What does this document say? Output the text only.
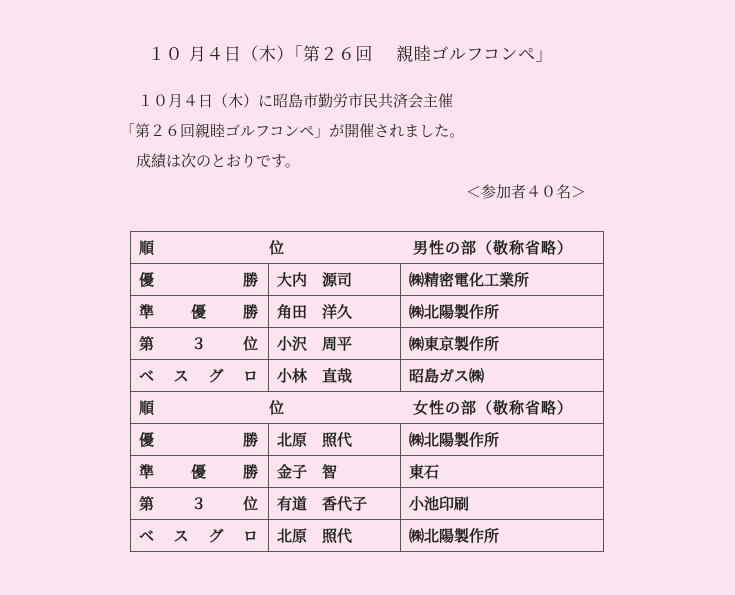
１０ 月４日（木）「第２６回　 親睦ゴルフコンペ」
１０月４日（木）に昭島市勤労市民共済会主催
「第２６回親睦ゴルフコンペ」が開催されました。
成績は次のとおりです。
＜参加者４０名＞
順 位 男性の部（敬称省略）		

優 勝	大内　源司	㈱精密電化工業所

準 優 勝	角田　洋久	㈱北陽製作所

第 ３ 位	小沢　周平	㈱東京製作所

ベ ス グ ロ	小林　直哉	昭島ガス㈱

順 位 女性の部（敬称省略）		

優 勝	北原　照代	㈱北陽製作所

準 優 勝	金子　智	東石

第 ３ 位	有道　香代子	小池印刷

ベ ス グ ロ	北原　照代	㈱北陽製作所
